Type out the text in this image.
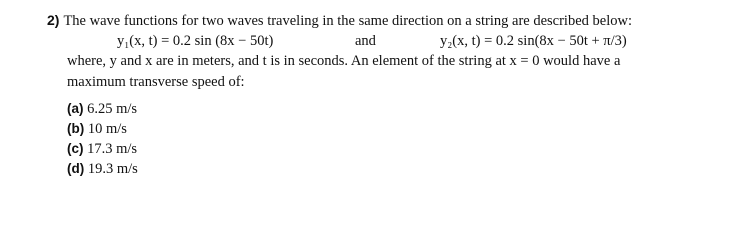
2) The wave functions for two waves traveling in the same direction on a string are described below:
y₁(x, t) = 0.2 sin (8x − 50t)	and	y₂(x, t) = 0.2 sin(8x − 50t + π/3)
where, y and x are in meters, and t is in seconds. An element of the string at x = 0 would have a
maximum transverse speed of:
(a) 6.25 m/s
(b) 10 m/s
(c) 17.3 m/s
(d) 19.3 m/s
